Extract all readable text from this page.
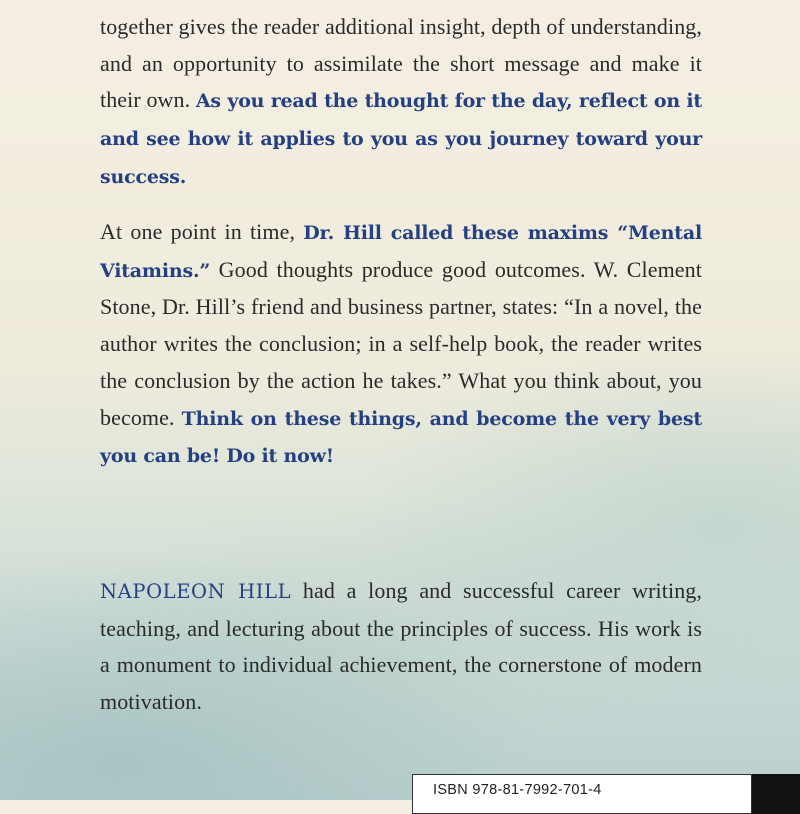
together gives the reader additional insight, depth of understanding, and an opportunity to assimilate the short message and make it their own. As you read the thought for the day, reflect on it and see how it applies to you as you journey toward your success.

At one point in time, Dr. Hill called these maxims “Mental Vitamins.” Good thoughts produce good outcomes. W. Clement Stone, Dr. Hill’s friend and business partner, states: “In a novel, the author writes the conclusion; in a self-help book, the reader writes the conclusion by the action he takes.” What you think about, you become. Think on these things, and become the very best you can be! Do it now!

NAPOLEON HILL had a long and successful career writing, teaching, and lecturing about the principles of success. His work is a monument to individual achievement, the cornerstone of modern motivation.

ISBN 978-81-7992-701-4
